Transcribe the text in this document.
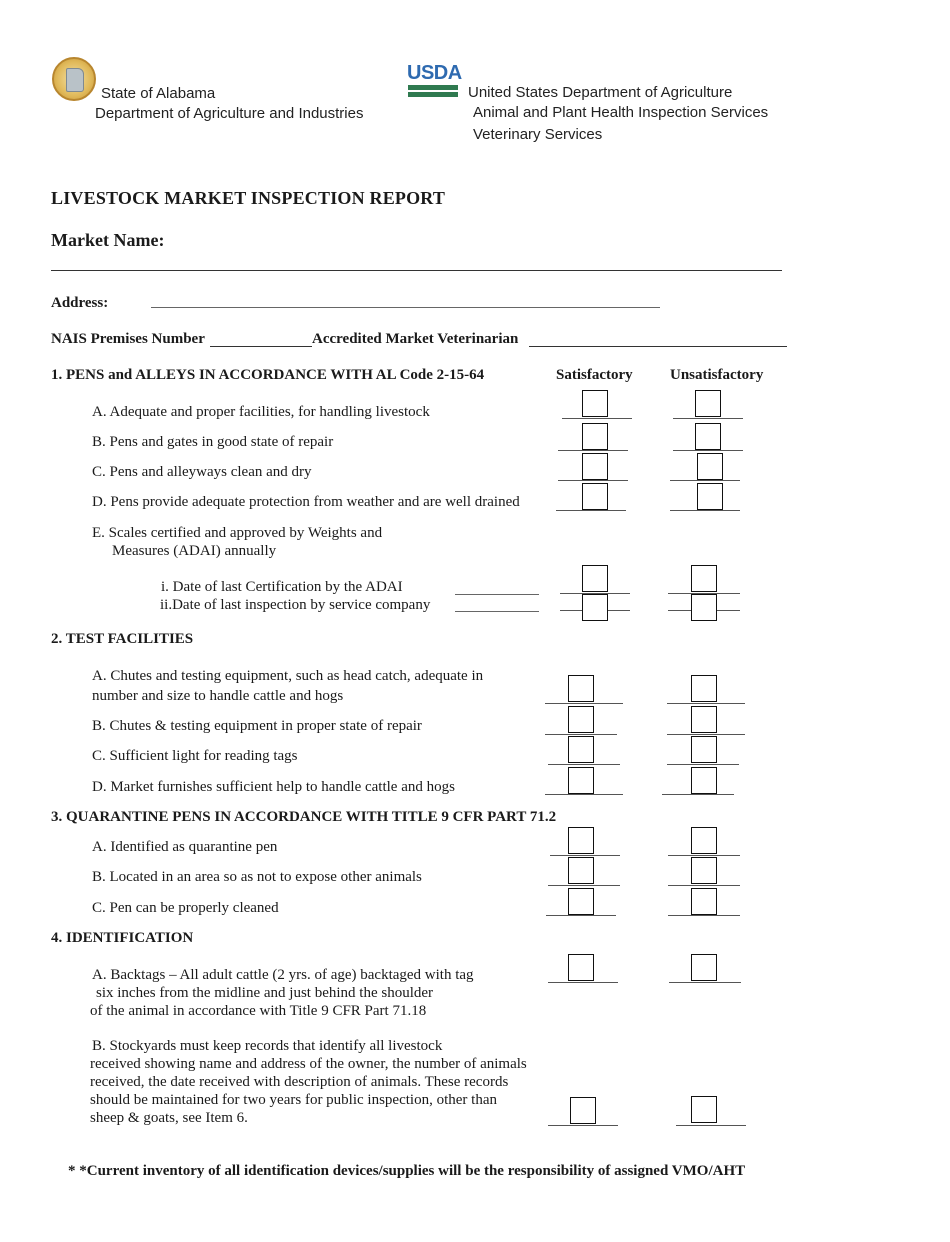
State of Alabama
Department of Agriculture and Industries
USDA
United States Department of Agriculture
Animal and Plant Health Inspection Services
Veterinary Services
LIVESTOCK MARKET INSPECTION REPORT
Market Name:
Address:
NAIS Premises Number	Accredited Market Veterinarian
Satisfactory Unsatisfactory
1. PENS and ALLEYS IN ACCORDANCE WITH AL Code 2-15-64
A. Adequate and proper facilities, for handling livestock
B. Pens and gates in good state of repair
C. Pens and alleyways clean and dry
D. Pens provide adequate protection from weather and are well drained
E. Scales certified and approved by Weights and
Measures (ADAI) annually
i. Date of last Certification by the ADAI
ii.Date of last inspection by service company
2. TEST FACILITIES
A. Chutes and testing equipment, such as head catch, adequate in
number and size to handle cattle and hogs
B. Chutes & testing equipment in proper state of repair
C. Sufficient light for reading tags
D. Market furnishes sufficient help to handle cattle and hogs
3. QUARANTINE PENS IN ACCORDANCE WITH TITLE 9 CFR PART 71.2
A. Identified as quarantine pen
B. Located in an area so as not to expose other animals
C. Pen can be properly cleaned
4. IDENTIFICATION
A. Backtags – All adult cattle (2 yrs. of age) backtaged with tag
six inches from the midline and just behind the shoulder
of the animal in accordance with Title 9 CFR Part 71.18
B. Stockyards must keep records that identify all livestock
received showing name and address of the owner, the number of animals
received, the date received with description of animals. These records
should be maintained for two years for public inspection, other than
sheep & goats, see Item 6.
* *Current inventory of all identification devices/supplies will be the responsibility of assigned VMO/AHT
